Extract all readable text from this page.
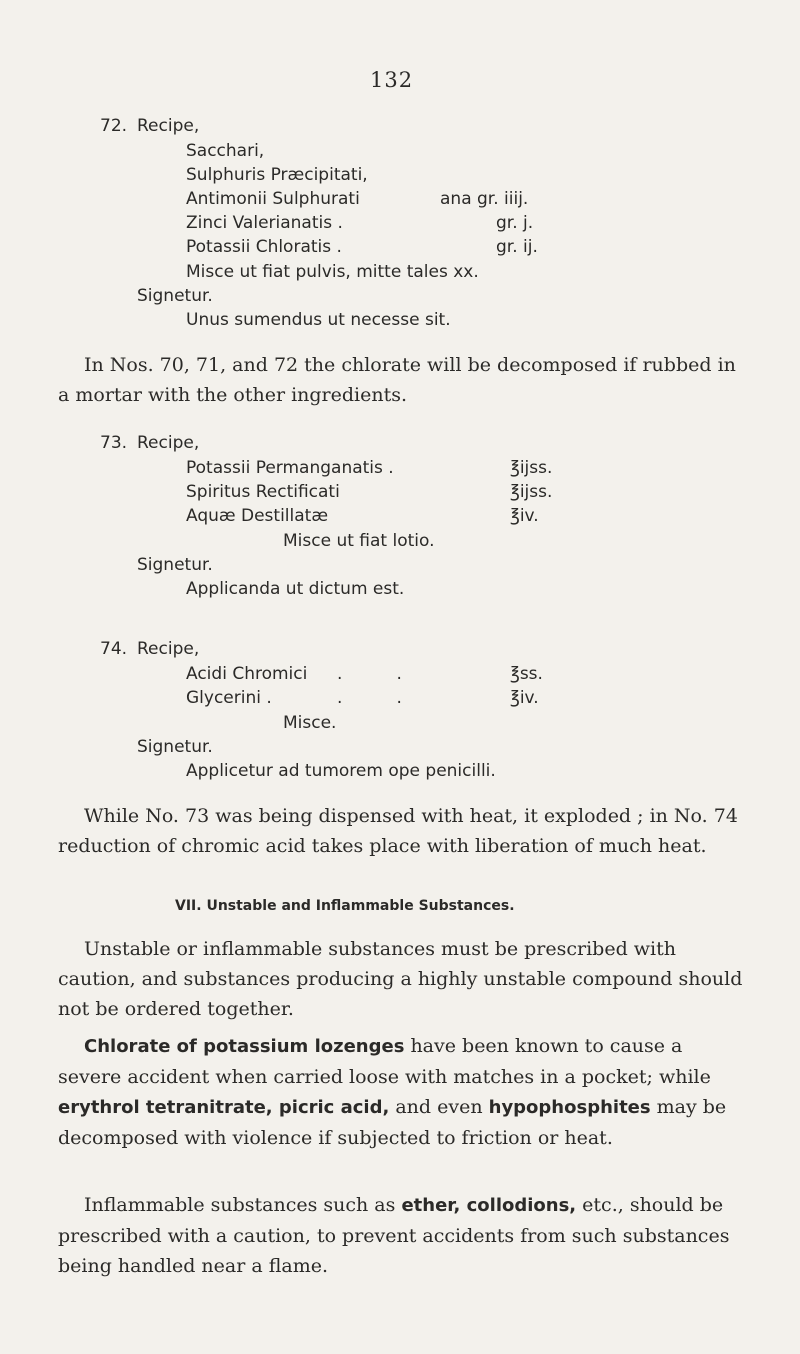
132
72. Recipe,
Sacchari,
Sulphuris Præcipitati,
Antimonii Sulphurati	ana gr. iiij.
Zinci Valerianatis .	gr. j.
Potassii Chloratis .	gr. ij.
Misce ut fiat pulvis, mitte tales xx.
Signetur.
Unus sumendus ut necesse sit.

In Nos. 70, 71, and 72 the chlorate will be decomposed if rubbed in a mortar with the other ingredients.

73. Recipe,
Potassii Permanganatis .	℥ijss.
Spiritus Rectificati	℥ijss.
Aquæ Destillatæ	℥iv.
Misce ut fiat lotio.
Signetur.
Applicanda ut dictum est.
74. Recipe,
Acidi Chromici .          .	℥ss.
Glycerini .	.          .	℥iv.
Misce.
Signetur.
Applicetur ad tumorem ope penicilli.

While No. 73 was being dispensed with heat, it exploded ; in No. 74 reduction of chromic acid takes place with liberation of much heat.

VII. Unstable and Inflammable Substances.

Unstable or inflammable substances must be prescribed with caution, and substances producing a highly unstable compound should not be ordered together.

Chlorate of potassium lozenges have been known to cause a severe accident when carried loose with matches in a pocket; while erythrol tetranitrate, picric acid, and even hypophosphites may be decomposed with violence if subjected to friction or heat.

Inflammable substances such as ether, collodions, etc., should be prescribed with a caution, to prevent accidents from such substances being handled near a flame.
